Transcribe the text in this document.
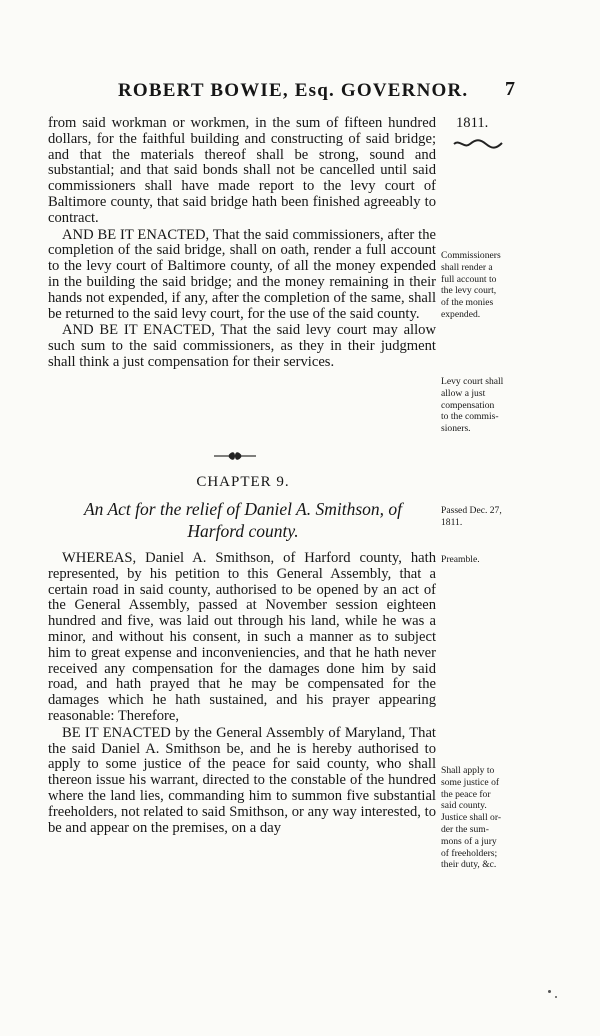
ROBERT BOWIE, Esq. GOVERNOR. 7
1811.

from said workman or workmen, in the sum of fifteen hundred dollars, for the faithful building and constructing of said bridge; and that the materials thereof shall be strong, sound and substantial; and that said bonds shall not be cancelled until said commissioners shall have made report to the levy court of Baltimore county, that said bridge hath been finished agreeably to contract.

AND BE IT ENACTED, That the said commissioners, after the completion of the said bridge, shall on oath, render a full account to the levy court of Baltimore county, of all the money expended in the building the said bridge; and the money remaining in their hands not expended, if any, after the completion of the same, shall be returned to the said levy court, for the use of the said county.

AND BE IT ENACTED, That the said levy court may allow such sum to the said commissioners, as they in their judgment shall think a just compensation for their services.

Commissioners
shall render a
full account to
the levy court,
of the monies
expended.
Levy court shall
allow a just
compensation
to the commis-
sioners.
CHAPTER 9.
An Act for the relief of Daniel A. Smithson, of
Harford county.
Passed Dec. 27,
1811.
Preamble.

WHEREAS, Daniel A. Smithson, of Harford county, hath represented, by his petition to this General Assembly, that a certain road in said county, authorised to be opened by an act of the General Assembly, passed at November session eighteen hundred and five, was laid out through his land, while he was a minor, and without his consent, in such a manner as to subject him to great expense and inconveniencies, and that he hath never received any compensation for the damages done him by said road, and hath prayed that he may be compensated for the damages which he hath sustained, and his prayer appearing reasonable: Therefore,

BE IT ENACTED by the General Assembly of Maryland, That the said Daniel A. Smithson be, and he is hereby authorised to apply to some justice of the peace for said county, who shall thereon issue his warrant, directed to the constable of the hundred where the land lies, commanding him to summon five substantial freeholders, not related to said Smithson, or any way interested, to be and appear on the premises, on a day

Shall apply to
some justice of
the peace for
said county.
Justice shall or-
der the sum-
mons of a jury
of freeholders;
their duty, &c.
